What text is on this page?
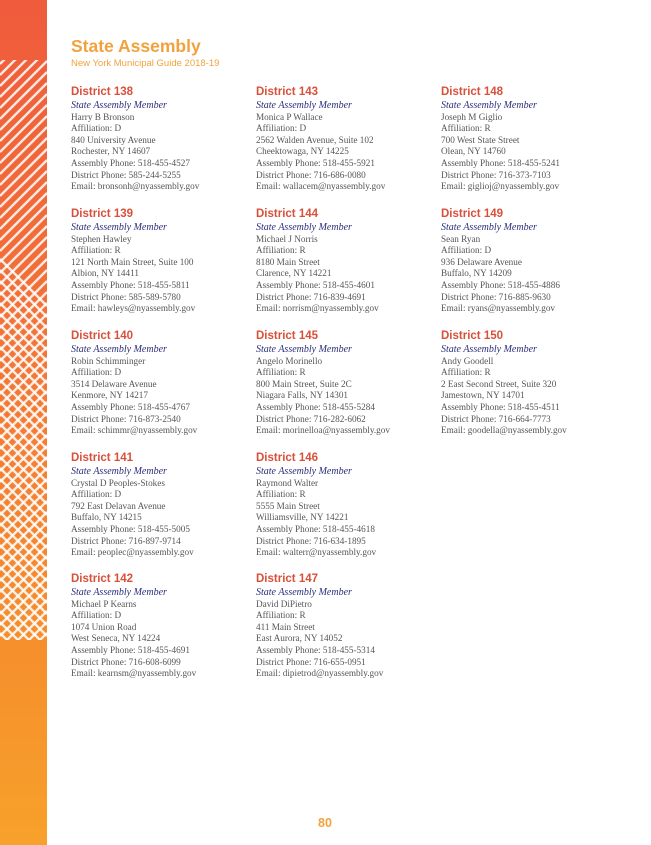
State Assembly
New York Municipal Guide 2018-19
District 138
State Assembly Member
Harry B Bronson
Affiliation: D
840 University Avenue
Rochester, NY 14607
Assembly Phone: 518-455-4527
District Phone: 585-244-5255
Email: bronsonh@nyassembly.gov
District 139
State Assembly Member
Stephen Hawley
Affiliation: R
121 North Main Street, Suite 100
Albion, NY 14411
Assembly Phone: 518-455-5811
District Phone: 585-589-5780
Email: hawleys@nyassembly.gov
District 140
State Assembly Member
Robin Schimminger
Affiliation: D
3514 Delaware Avenue
Kenmore, NY 14217
Assembly Phone: 518-455-4767
District Phone: 716-873-2540
Email: schimmr@nyassembly.gov
District 141
State Assembly Member
Crystal D Peoples-Stokes
Affiliation: D
792 East Delavan Avenue
Buffalo, NY 14215
Assembly Phone: 518-455-5005
District Phone: 716-897-9714
Email: peoplec@nyassembly.gov
District 142
State Assembly Member
Michael P Kearns
Affiliation: D
1074 Union Road
West Seneca, NY 14224
Assembly Phone: 518-455-4691
District Phone: 716-608-6099
Email: kearnsm@nyassembly.gov
District 143
State Assembly Member
Monica P Wallace
Affiliation: D
2562 Walden Avenue, Suite 102
Cheektowaga, NY 14225
Assembly Phone: 518-455-5921
District Phone: 716-686-0080
Email: wallacem@nyassembly.gov
District 144
State Assembly Member
Michael J Norris
Affiliation: R
8180 Main Street
Clarence, NY 14221
Assembly Phone: 518-455-4601
District Phone: 716-839-4691
Email: norrism@nyassembly.gov
District 145
State Assembly Member
Angelo Morinello
Affiliation: R
800 Main Street, Suite 2C
Niagara Falls, NY 14301
Assembly Phone: 518-455-5284
District Phone: 716-282-6062
Email: morinelloa@nyassembly.gov
District 146
State Assembly Member
Raymond Walter
Affiliation: R
5555 Main Street
Williamsville, NY 14221
Assembly Phone: 518-455-4618
District Phone: 716-634-1895
Email: walterr@nyassembly.gov
District 147
State Assembly Member
David DiPietro
Affiliation: R
411 Main Street
East Aurora, NY 14052
Assembly Phone: 518-455-5314
District Phone: 716-655-0951
Email: dipietrod@nyassembly.gov
District 148
State Assembly Member
Joseph M Giglio
Affiliation: R
700 West State Street
Olean, NY 14760
Assembly Phone: 518-455-5241
District Phone: 716-373-7103
Email: giglioj@nyassembly.gov
District 149
State Assembly Member
Sean Ryan
Affiliation: D
936 Delaware Avenue
Buffalo, NY 14209
Assembly Phone: 518-455-4886
District Phone: 716-885-9630
Email: ryans@nyassembly.gov
District 150
State Assembly Member
Andy Goodell
Affiliation: R
2 East Second Street, Suite 320
Jamestown, NY 14701
Assembly Phone: 518-455-4511
District Phone: 716-664-7773
Email: goodella@nyassembly.gov
80
